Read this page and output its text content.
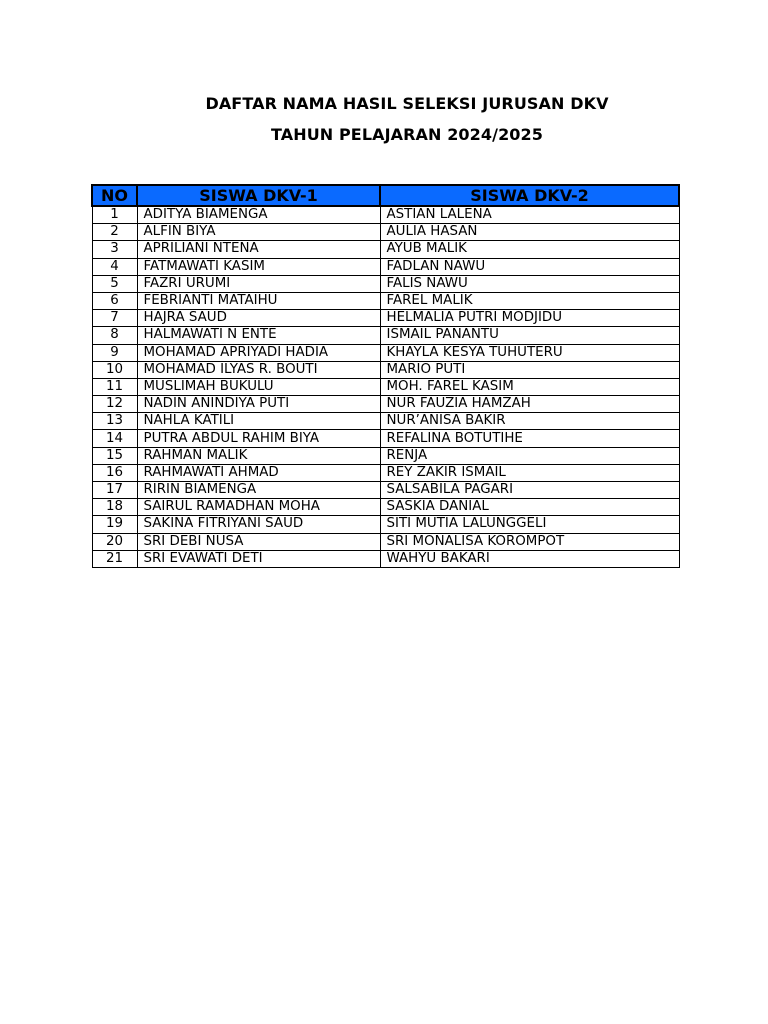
DAFTAR NAMA HASIL SELEKSI JURUSAN DKV
TAHUN PELAJARAN 2024/2025
NO	SISWA DKV-1	SISWA DKV-2
1	ADITYA BIAMENGA	ASTIAN LALENA
2	ALFIN BIYA	AULIA HASAN
3	APRILIANI NTENA	AYUB MALIK
4	FATMAWATI KASIM	FADLAN NAWU
5	FAZRI URUMI	FALIS NAWU
6	FEBRIANTI MATAIHU	FAREL MALIK
7	HAJRA SAUD	HELMALIA PUTRI MODJIDU
8	HALMAWATI N ENTE	ISMAIL PANANTU
9	MOHAMAD APRIYADI HADIA	KHAYLA KESYA TUHUTERU
10	MOHAMAD ILYAS R. BOUTI	MARIO PUTI
11	MUSLIMAH BUKULU	MOH. FAREL KASIM
12	NADIN ANINDIYA PUTI	NUR FAUZIA HAMZAH
13	NAHLA KATILI	NUR’ANISA BAKIR
14	PUTRA ABDUL RAHIM BIYA	REFALINA BOTUTIHE
15	RAHMAN MALIK	RENJA
16	RAHMAWATI AHMAD	REY ZAKIR ISMAIL
17	RIRIN BIAMENGA	SALSABILA PAGARI
18	SAIRUL RAMADHAN MOHA	SASKIA DANIAL
19	SAKINA FITRIYANI SAUD	SITI MUTIA LALUNGGELI
20	SRI DEBI NUSA	SRI MONALISA KOROMPOT
21	SRI EVAWATI DETI	WAHYU BAKARI
